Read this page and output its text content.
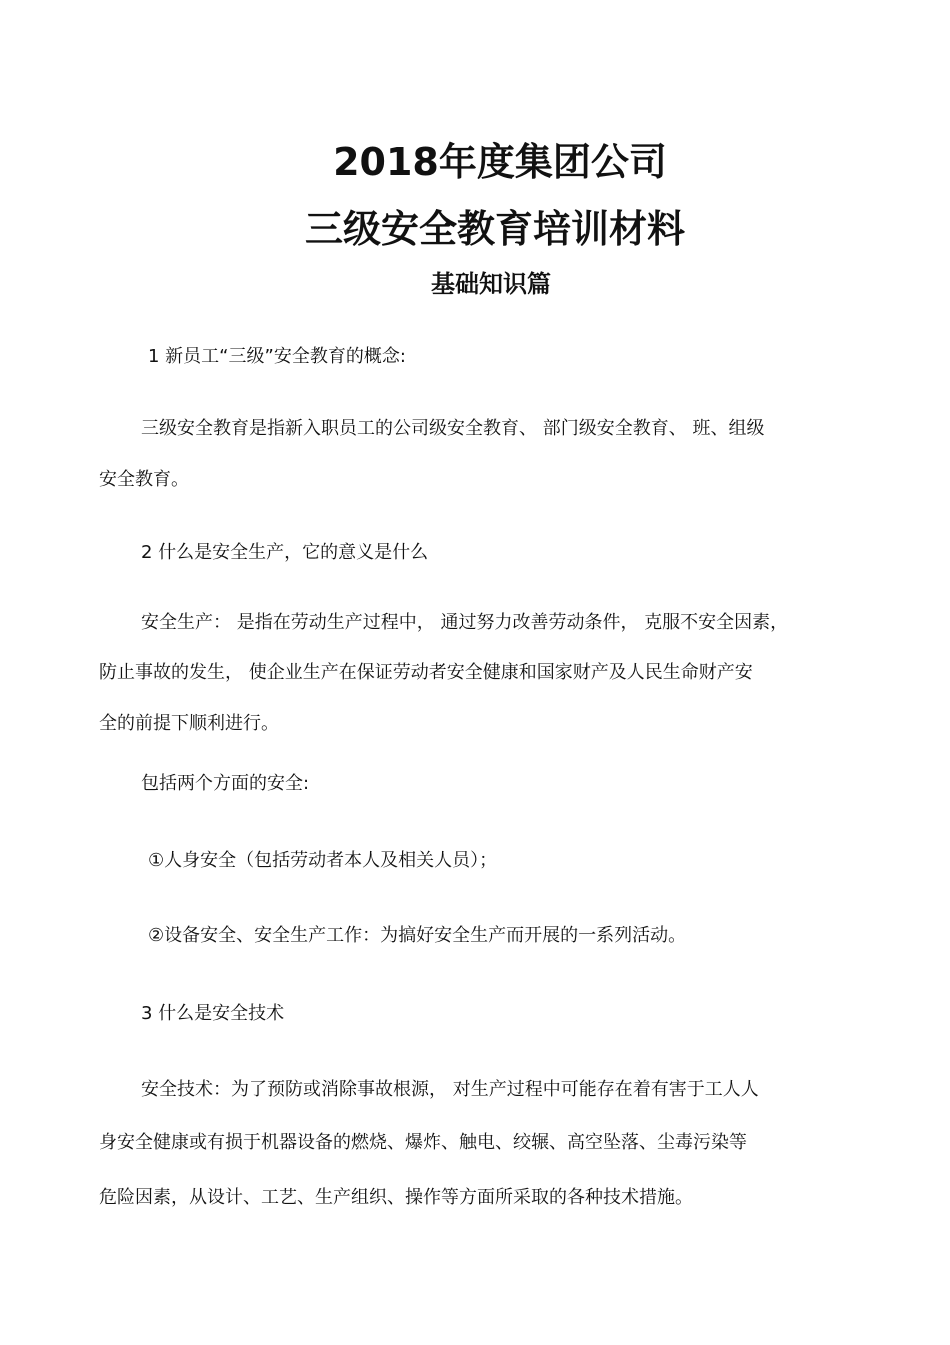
2018年度集团公司
三级安全教育培训材料
基础知识篇

1 新员工“三级”安全教育的概念:

三级安全教育是指新入职员工的公司级安全教育、 部门级安全教育、 班、组级

安全教育。

2 什么是安全生产，它的意义是什么

安全生产： 是指在劳动生产过程中， 通过努力改善劳动条件， 克服不安全因素，

防止事故的发生， 使企业生产在保证劳动者安全健康和国家财产及人民生命财产安

全的前提下顺利进行。

包括两个方面的安全:

①人身安全（包括劳动者本人及相关人员）；

②设备安全、安全生产工作：为搞好安全生产而开展的一系列活动。

3 什么是安全技术

安全技术：为了预防或消除事故根源， 对生产过程中可能存在着有害于工人人

身安全健康或有损于机器设备的燃烧、爆炸、触电、绞辗、高空坠落、尘毒污染等

危险因素，从设计、工艺、生产组织、操作等方面所采取的各种技术措施。
